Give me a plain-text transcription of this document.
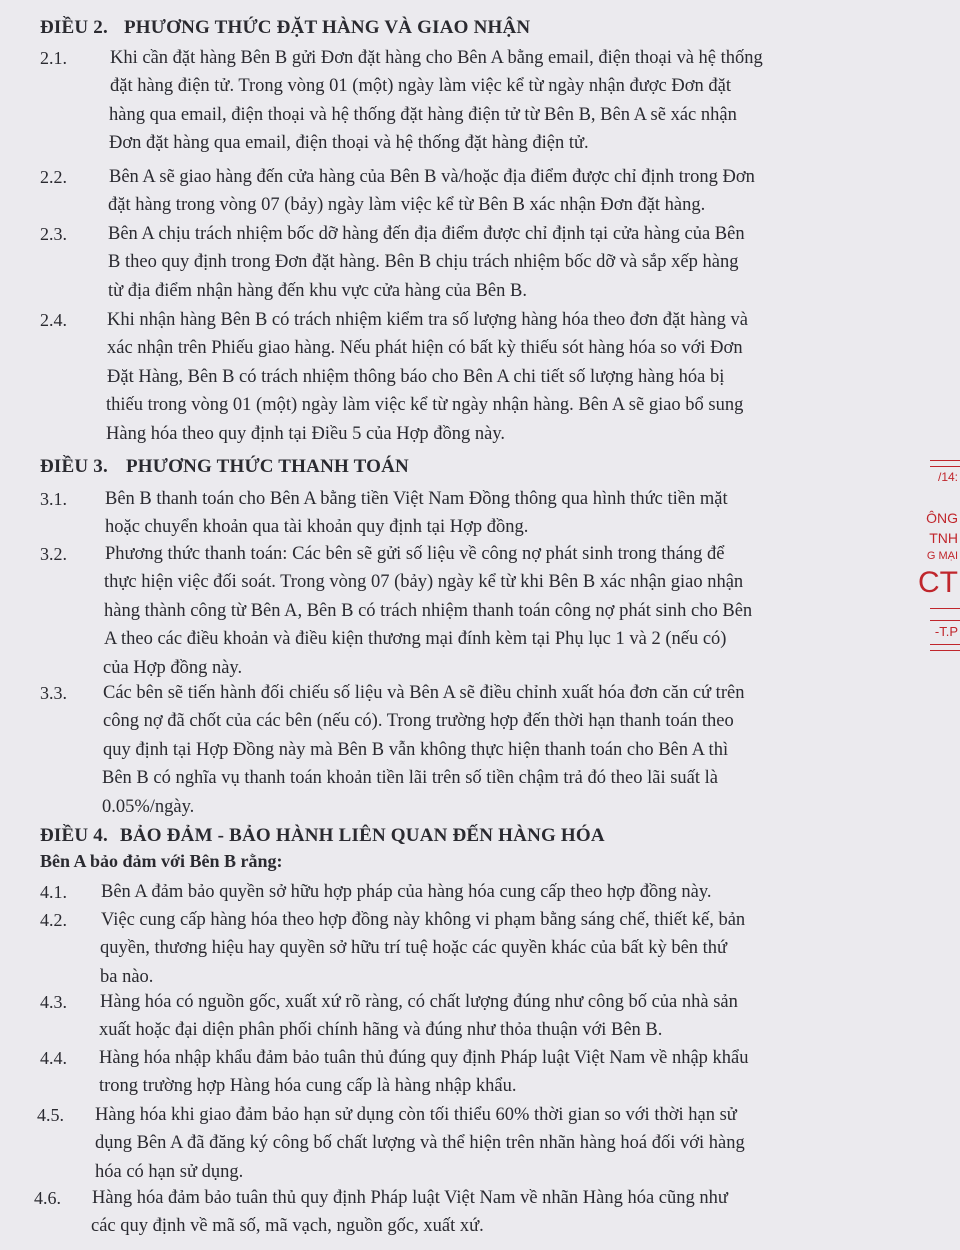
ĐIỀU 2. PHƯƠNG THỨC ĐẶT HÀNG VÀ GIAO NHẬN
2.1. Khi cần đặt hàng Bên B gửi Đơn đặt hàng cho Bên A bằng email, điện thoại và hệ thống
đặt hàng điện tử. Trong vòng 01 (một) ngày làm việc kể từ ngày nhận được Đơn đặt
hàng qua email, điện thoại và hệ thống đặt hàng điện tử từ Bên B, Bên A sẽ xác nhận
Đơn đặt hàng qua email, điện thoại và hệ thống đặt hàng điện tử.
2.2. Bên A sẽ giao hàng đến cửa hàng của Bên B và/hoặc địa điểm được chỉ định trong Đơn
đặt hàng trong vòng 07 (bảy) ngày làm việc kể từ Bên B xác nhận Đơn đặt hàng.
2.3. Bên A chịu trách nhiệm bốc dỡ hàng đến địa điểm được chỉ định tại cửa hàng của Bên
B theo quy định trong Đơn đặt hàng. Bên B chịu trách nhiệm bốc dỡ và sắp xếp hàng
từ địa điểm nhận hàng đến khu vực cửa hàng của Bên B.
2.4. Khi nhận hàng Bên B có trách nhiệm kiểm tra số lượng hàng hóa theo đơn đặt hàng và
xác nhận trên Phiếu giao hàng. Nếu phát hiện có bất kỳ thiếu sót hàng hóa so với Đơn
Đặt Hàng, Bên B có trách nhiệm thông báo cho Bên A chi tiết số lượng hàng hóa bị
thiếu trong vòng 01 (một) ngày làm việc kể từ ngày nhận hàng. Bên A sẽ giao bổ sung
Hàng hóa theo quy định tại Điều 5 của Hợp đồng này.
ĐIỀU 3. PHƯƠNG THỨC THANH TOÁN
3.1. Bên B thanh toán cho Bên A bằng tiền Việt Nam Đồng thông qua hình thức tiền mặt
hoặc chuyển khoản qua tài khoản quy định tại Hợp đồng.
3.2. Phương thức thanh toán: Các bên sẽ gửi số liệu về công nợ phát sinh trong tháng để
thực hiện việc đối soát. Trong vòng 07 (bảy) ngày kể từ khi Bên B xác nhận giao nhận
hàng thành công từ Bên A, Bên B có trách nhiệm thanh toán công nợ phát sinh cho Bên
A theo các điều khoản và điều kiện thương mại đính kèm tại Phụ lục 1 và 2 (nếu có)
của Hợp đồng này.
3.3. Các bên sẽ tiến hành đối chiếu số liệu và Bên A sẽ điều chỉnh xuất hóa đơn căn cứ trên
công nợ đã chốt của các bên (nếu có). Trong trường hợp đến thời hạn thanh toán theo
quy định tại Hợp Đồng này mà Bên B vẫn không thực hiện thanh toán cho Bên A thì
Bên B có nghĩa vụ thanh toán khoản tiền lãi trên số tiền chậm trả đó theo lãi suất là
0.05%/ngày.
ĐIỀU 4. BẢO ĐẢM - BẢO HÀNH LIÊN QUAN ĐẾN HÀNG HÓA
Bên A bảo đảm với Bên B rằng:
4.1. Bên A đảm bảo quyền sở hữu hợp pháp của hàng hóa cung cấp theo hợp đồng này.
4.2. Việc cung cấp hàng hóa theo hợp đồng này không vi phạm bằng sáng chế, thiết kế, bản
quyền, thương hiệu hay quyền sở hữu trí tuệ hoặc các quyền khác của bất kỳ bên thứ
ba nào.
4.3. Hàng hóa có nguồn gốc, xuất xứ rõ ràng, có chất lượng đúng như công bố của nhà sản
xuất hoặc đại diện phân phối chính hãng và đúng như thỏa thuận với Bên B.
4.4. Hàng hóa nhập khẩu đảm bảo tuân thủ đúng quy định Pháp luật Việt Nam về nhập khẩu
trong trường hợp Hàng hóa cung cấp là hàng nhập khẩu.
4.5. Hàng hóa khi giao đảm bảo hạn sử dụng còn tối thiểu 60% thời gian so với thời hạn sử
dụng Bên A đã đăng ký công bố chất lượng và thể hiện trên nhãn hàng hoá đối với hàng
hóa có hạn sử dụng.
4.6. Hàng hóa đảm bảo tuân thủ quy định Pháp luật Việt Nam về nhãn Hàng hóa cũng như
các quy định về mã số, mã vạch, nguồn gốc, xuất xứ.
/14:
ÔNG
TNH
G MẠI
CT
-T.P
